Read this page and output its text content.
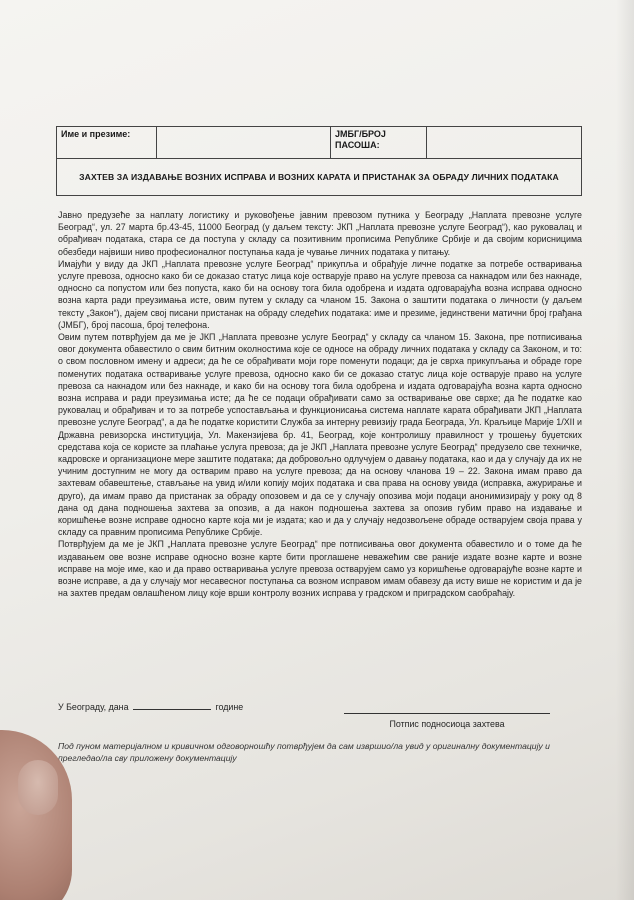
Име и презиме:	ЈМБГ/БРОЈ ПАСОША:
ЗАХТЕВ ЗА ИЗДАВАЊЕ ВОЗНИХ ИСПРАВА И ВОЗНИХ КАРАТА И ПРИСТАНАК ЗА ОБРАДУ ЛИЧНИХ ПОДАТАКА

Јавно предузеће за наплату логистику и руковођење јавним превозом путника у Београду „Наплата превозне услуге Београд“, ул. 27 марта бр.43-45, 11000 Београд (у даљем тексту: ЈКП „Наплата превозне услуге Београд“), као руковалац и обрађивач података, стара се да поступа у складу са позитивним прописима Републике Србије и да својим корисницима обезбеди највиши ниво професионалног поступања када је чување личних података у питању.

Имајући у виду да ЈКП „Наплата превозне услуге Београд“ прикупља и обрађује личне податке за потребе остваривања услуге превоза, односно како би се доказао статус лица које остварује право на услуге превоза са накнадом или без накнаде, односно са попустом или без попуста, како би на основу тога била одобрена и издата одговарајућа возна исправа односно возна карта ради преузимања исте, овим путем у складу са чланом 15. Закона о заштити података о личности (у даљем тексту „Закон“), дајем свој писани пристанак на обраду следећих података: име и презиме, јединствени матични број грађана (ЈМБГ), број пасоша, број телефона.

Овим путем потврђујем да ме је ЈКП „Наплата превозне услуге Београд“ у складу са чланом 15. Закона, пре потписивања овог документа обавестило о свим битним околностима које се односе на обраду личних података у складу са Законом, и то: о свом пословном имену и адреси; да ће се обрађивати моји горе поменути подаци; да је сврха прикупљања и обраде горе поменутих података остваривање услуге превоза, односно како би се доказао статус лица које остварује право на услуге превоза са накнадом или без накнаде, и како би на основу тога била одобрена и издата одговарајућа возна карта односно возна исправа и ради преузимања исте; да ће се подаци обрађивати само за остваривање ове сврхе; да ће податке као руковалац и обрађивач и то за потребе успостављања и функционисања система наплате карата обрађивати ЈКП „Наплата превозне услуге Београд“, а да ће податке користити Служба за интерну ревизију града Београда, Ул. Краљице Марије 1/XII и Државна ревизорска институција, Ул. Макензијева бр. 41, Београд, које контролишу правилност у трошењу буџетских средстава која се користе за плаћање услуга превоза; да је ЈКП „Наплата превозне услуге Београд“ предузело све техничке, кадровске и организационе мере заштите података; да добровољно одлучујем о давању података, као и да у случају да их не учиним доступним не могу да остварим право на услуге превоза; да на основу чланова 19 – 22. Закона имам право да захтевам обавештење, стављање на увид и/или копију мојих података и сва права на основу увида (исправка, ажурирање и друго), да имам право да пристанак за обраду опозовем и да се у случају опозива моји подаци анонимизирају у року од 8 дана од дана подношења захтева за опозив, а да након подношења захтева за опозив губим право на издавање и коришћење возне исправе односно карте која ми је издата; као и да у случају недозвољене обраде остварујем своја права у складу са правним прописима Републике Србије.

Потврђујем да ме је ЈКП „Наплата превозне услуге Београд“ пре потписивања овог документа обавестило и о томе да ће издавањем ове возне исправе односно возне карте бити проглашене неважећим све раније издате возне карте и возне исправе на моје име, као и да право остваривања услуге превоза остварујем само уз коришћење одговарајуће возне карте и возне исправе, а да у случају мог несавесног поступања са возном исправом имам обавезу да исту више не користим и да је на захтев предам овлашћеном лицу које врши контролу возних исправа у градском и приградском саобраћају.

У Београду, дана	године
Потпис подносиоца захтева
Под пуном материјалном и кривичном одговорношћу потврђујем да сам извршио/ла увид у оригиналну документацију и прегледао/ла сву приложену документацију
